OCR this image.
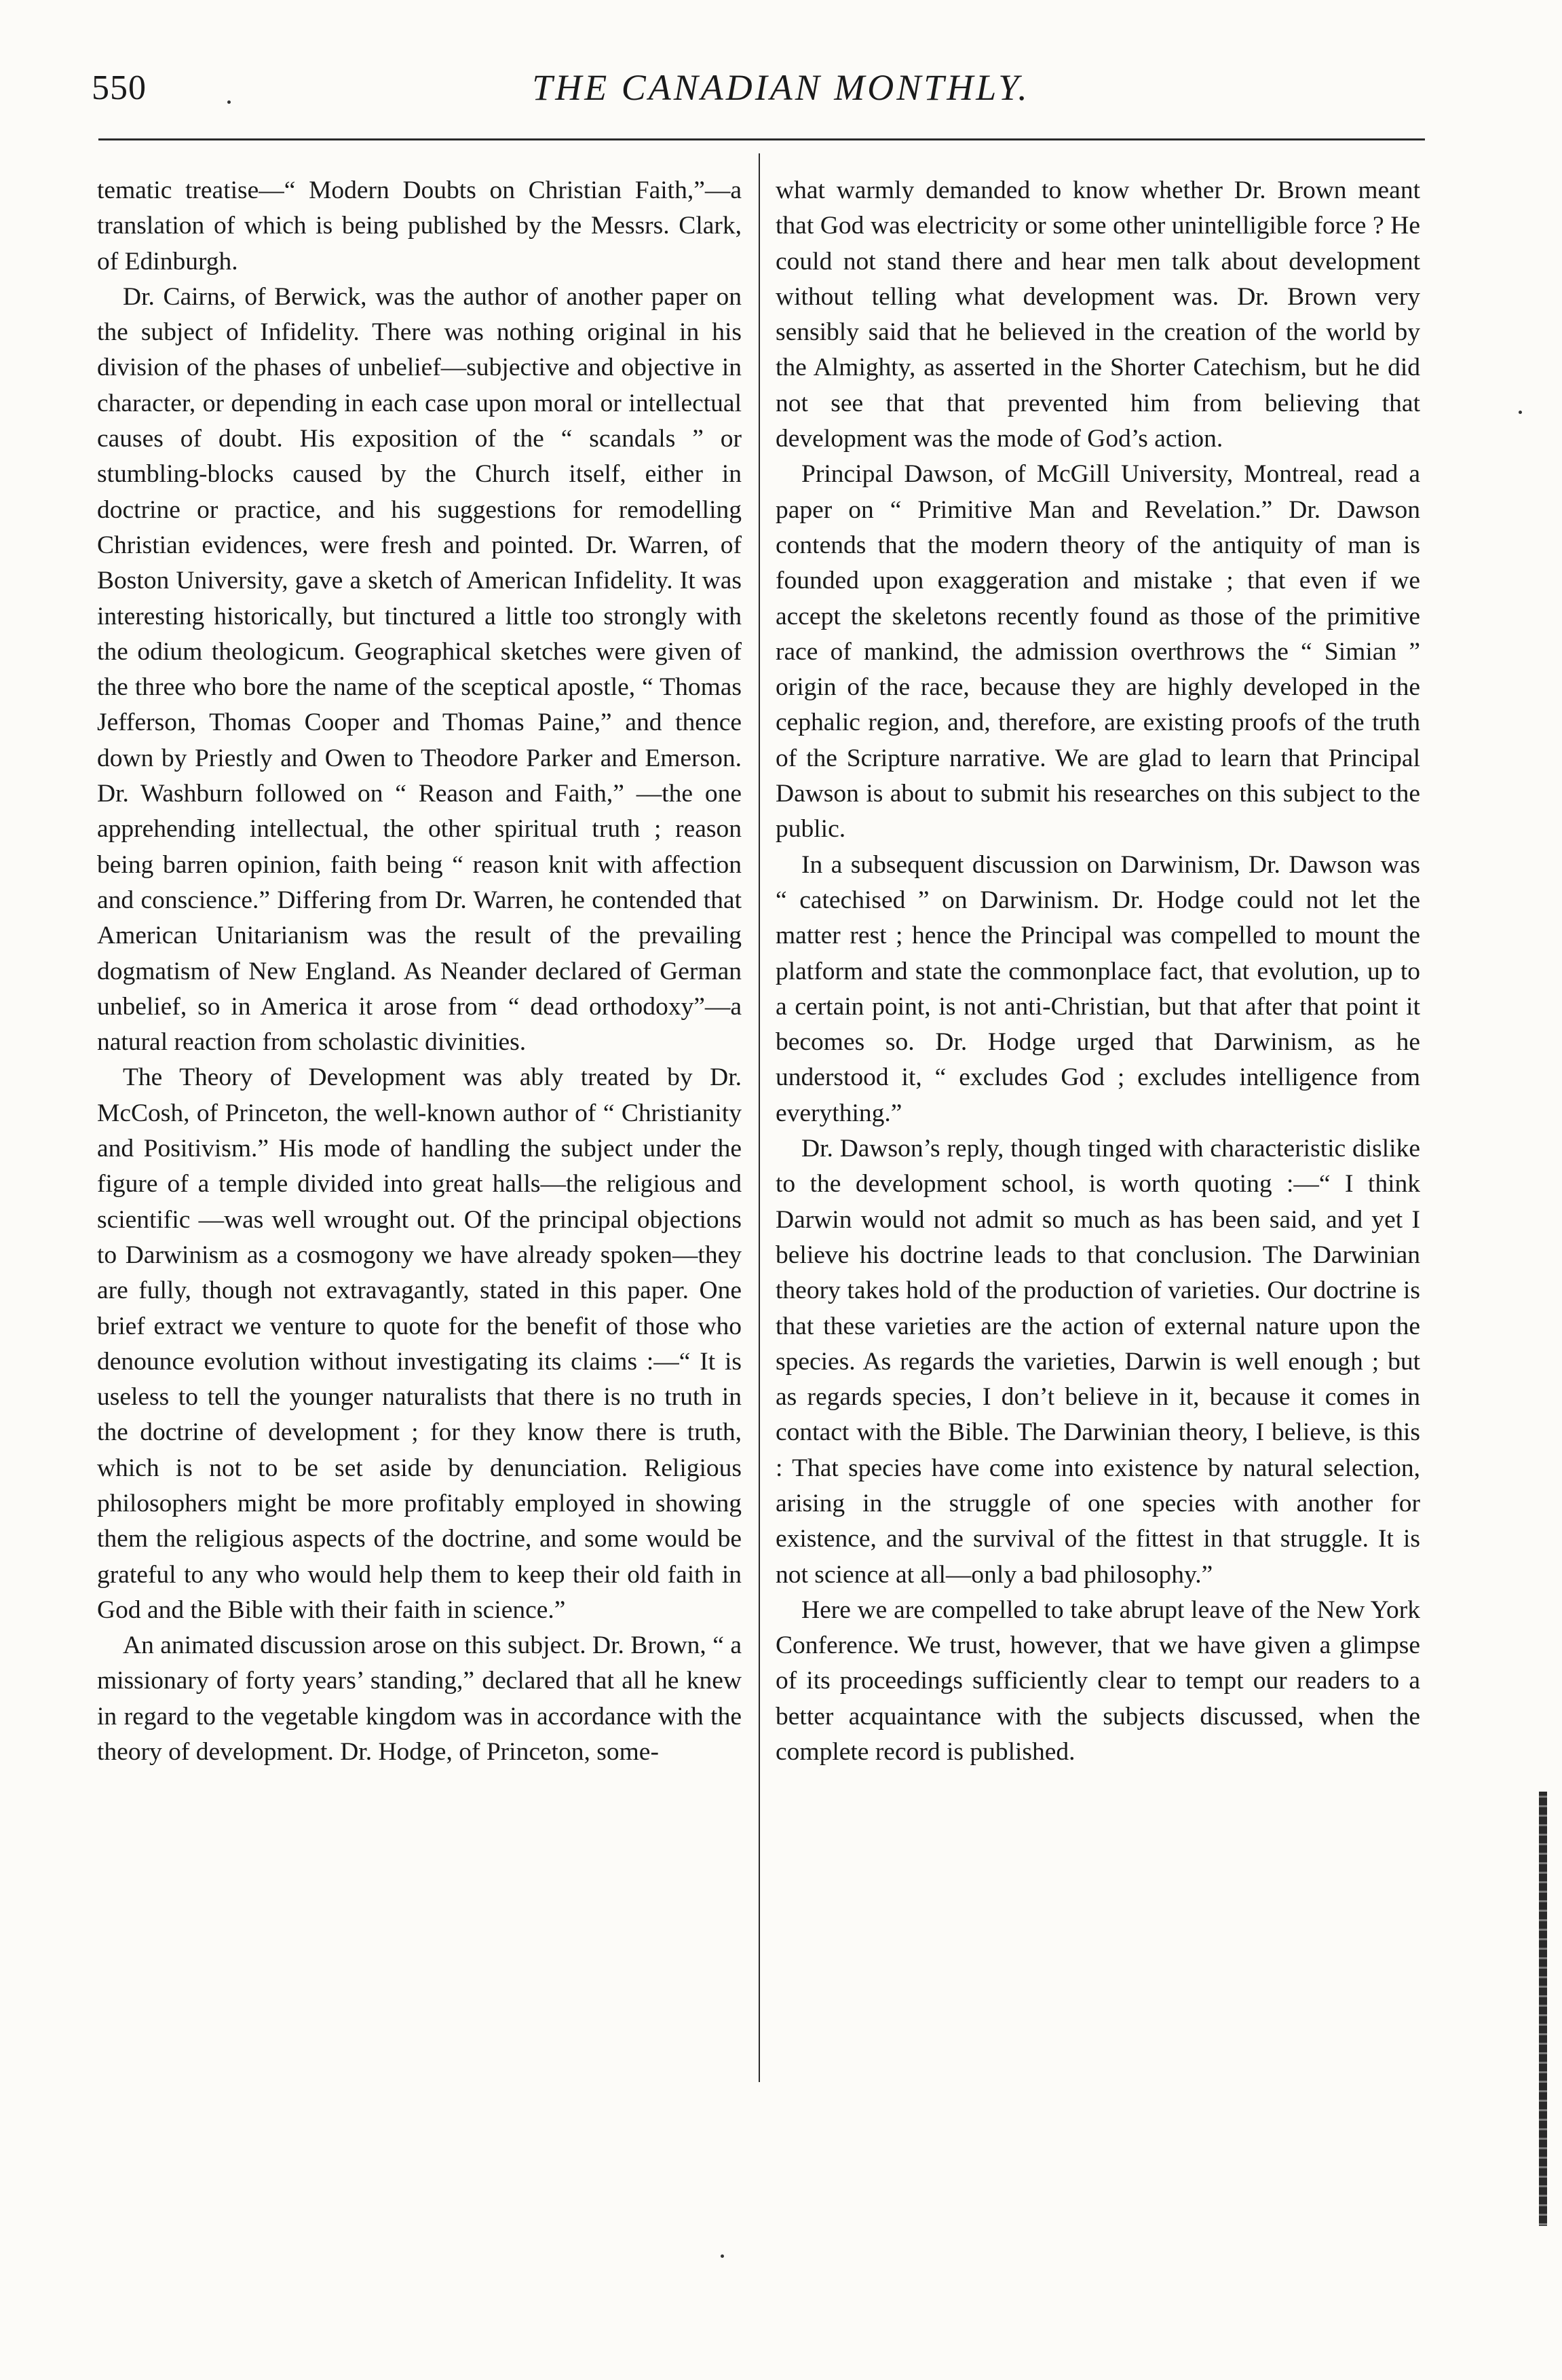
550	THE CANADIAN MONTHLY.

tematic treatise—“ Modern Doubts on Christian Faith,”—a translation of which is being published by the Messrs. Clark, of Edinburgh.

Dr. Cairns, of Berwick, was the author of another paper on the subject of Infidelity. There was nothing original in his division of the phases of unbelief—subjective and objective in character, or depending in each case upon moral or intellectual causes of doubt. His exposition of the “ scandals ” or stumbling-blocks caused by the Church itself, either in doctrine or practice, and his suggestions for remodelling Christian evidences, were fresh and pointed. Dr. Warren, of Boston University, gave a sketch of American Infidelity. It was interesting historically, but tinctured a little too strongly with the odium theologicum. Geographical sketches were given of the three who bore the name of the sceptical apostle, “ Thomas Jefferson, Thomas Cooper and Thomas Paine,” and thence down by Priestly and Owen to Theodore Parker and Emerson. Dr. Washburn followed on “ Reason and Faith,” —the one apprehending intellectual, the other spiritual truth ; reason being barren opinion, faith being “ reason knit with affection and conscience.” Differing from Dr. Warren, he contended that American Unitarianism was the result of the prevailing dogmatism of New England. As Neander declared of German unbelief, so in America it arose from “ dead orthodoxy”—a natural reaction from scholastic divinities.

The Theory of Development was ably treated by Dr. McCosh, of Princeton, the well-known author of “ Christianity and Positivism.” His mode of handling the subject under the figure of a temple divided into great halls—the religious and scientific —was well wrought out. Of the principal objections to Darwinism as a cosmogony we have already spoken—they are fully, though not extravagantly, stated in this paper. One brief extract we venture to quote for the benefit of those who denounce evolution without investigating its claims :—“ It is useless to tell the younger naturalists that there is no truth in the doctrine of development ; for they know there is truth, which is not to be set aside by denunciation. Religious philosophers might be more profitably employed in showing them the religious aspects of the doctrine, and some would be grateful to any who would help them to keep their old faith in God and the Bible with their faith in science.”

An animated discussion arose on this subject. Dr. Brown, “ a missionary of forty years’ standing,” declared that all he knew in regard to the vegetable kingdom was in accordance with the theory of development. Dr. Hodge, of Princeton, some-

what warmly demanded to know whether Dr. Brown meant that God was electricity or some other unintelligible force ? He could not stand there and hear men talk about development without telling what development was. Dr. Brown very sensibly said that he believed in the creation of the world by the Almighty, as asserted in the Shorter Catechism, but he did not see that that prevented him from believing that development was the mode of God’s action.

Principal Dawson, of McGill University, Montreal, read a paper on “ Primitive Man and Revelation.” Dr. Dawson contends that the modern theory of the antiquity of man is founded upon exaggeration and mistake ; that even if we accept the skeletons recently found as those of the primitive race of mankind, the admission overthrows the “ Simian ” origin of the race, because they are highly developed in the cephalic region, and, therefore, are existing proofs of the truth of the Scripture narrative. We are glad to learn that Principal Dawson is about to submit his researches on this subject to the public.

In a subsequent discussion on Darwinism, Dr. Dawson was “ catechised ” on Darwinism. Dr. Hodge could not let the matter rest ; hence the Principal was compelled to mount the platform and state the commonplace fact, that evolution, up to a certain point, is not anti-Christian, but that after that point it becomes so. Dr. Hodge urged that Darwinism, as he understood it, “ excludes God ; excludes intelligence from everything.”

Dr. Dawson’s reply, though tinged with characteristic dislike to the development school, is worth quoting :—“ I think Darwin would not admit so much as has been said, and yet I believe his doctrine leads to that conclusion. The Darwinian theory takes hold of the production of varieties. Our doctrine is that these varieties are the action of external nature upon the species. As regards the varieties, Darwin is well enough ; but as regards species, I don’t believe in it, because it comes in contact with the Bible. The Darwinian theory, I believe, is this : That species have come into existence by natural selection, arising in the struggle of one species with another for existence, and the survival of the fittest in that struggle. It is not science at all—only a bad philosophy.”

Here we are compelled to take abrupt leave of the New York Conference. We trust, however, that we have given a glimpse of its proceedings sufficiently clear to tempt our readers to a better acquaintance with the subjects discussed, when the complete record is published.
